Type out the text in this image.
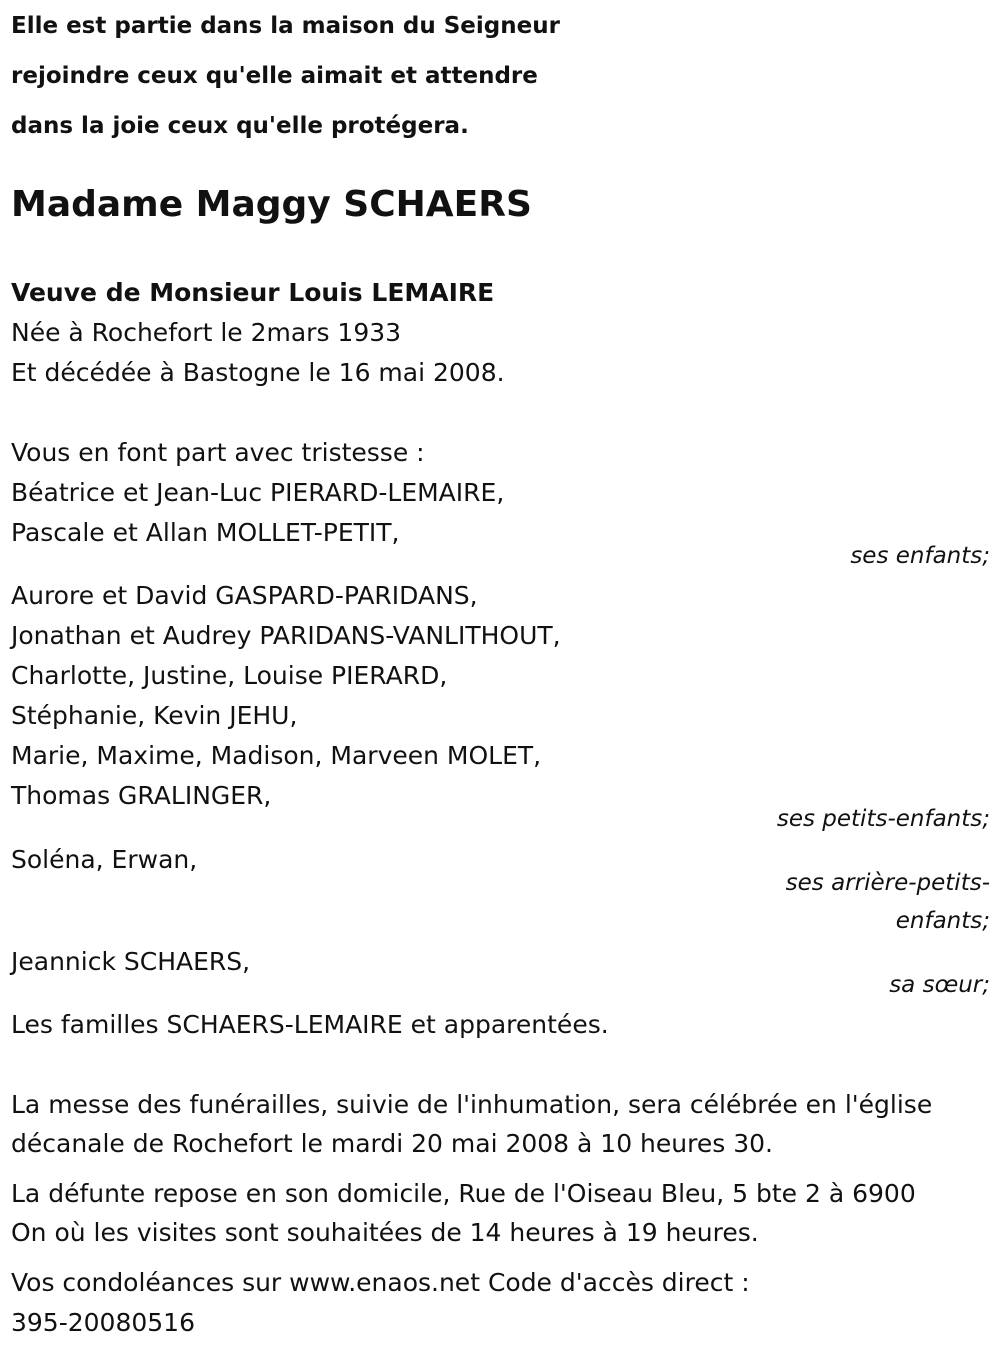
Elle est partie dans la maison du Seigneur

rejoindre ceux qu'elle aimait et attendre

dans la joie ceux qu'elle protégera.

Madame Maggy SCHAERS

Veuve de Monsieur Louis LEMAIRE

Née à Rochefort le 2mars 1933

Et décédée à Bastogne le 16 mai 2008.

Vous en font part avec tristesse :

Béatrice et Jean-Luc PIERARD-LEMAIRE,

Pascale et Allan MOLLET-PETIT,

ses enfants;

Aurore et David GASPARD-PARIDANS,

Jonathan et Audrey PARIDANS-VANLITHOUT,

Charlotte, Justine, Louise PIERARD,

Stéphanie, Kevin JEHU,

Marie, Maxime, Madison, Marveen MOLET,

Thomas GRALINGER,

ses petits-enfants;

Soléna, Erwan,

ses arrière-petits-

enfants;

Jeannick SCHAERS,

sa sœur;

Les familles SCHAERS-LEMAIRE et apparentées.

La messe des funérailles, suivie de l'inhumation, sera célébrée en l'église

décanale de Rochefort le mardi 20 mai 2008 à 10 heures 30.

La défunte repose en son domicile, Rue de l'Oiseau Bleu, 5 bte 2 à 6900

On où les visites sont souhaitées de 14 heures à 19 heures.

Vos condoléances sur www.enaos.net Code d'accès direct :

395-20080516
